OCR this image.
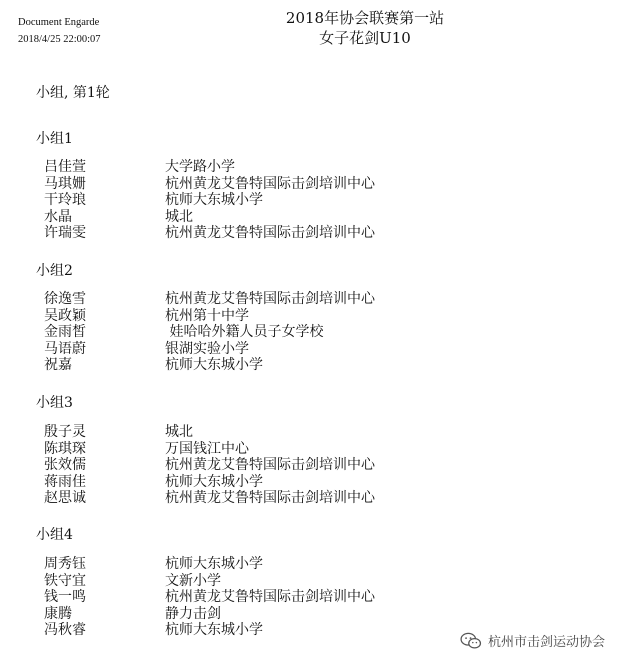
Document Engarde
2018/4/25 22:00:07
2018年协会联赛第一站
女子花剑U10
小组, 第1轮
小组1
吕佳萱	大学路小学
马琪姗	杭州黄龙艾鲁特国际击剑培训中心
干玲琅	杭师大东城小学
水晶	城北
许瑞雯	杭州黄龙艾鲁特国际击剑培训中心
小组2
徐逸雪	杭州黄龙艾鲁特国际击剑培训中心
吴政颖	杭州第十中学
金雨皙	娃哈哈外籍人员子女学校
马语蔚	银湖实验小学
祝嘉	杭师大东城小学
小组3
殷子灵	城北
陈琪琛	万国钱江中心
张效儒	杭州黄龙艾鲁特国际击剑培训中心
蒋雨佳	杭师大东城小学
赵思诚	杭州黄龙艾鲁特国际击剑培训中心
小组4
周秀钰	杭师大东城小学
铁守宜	文新小学
钱一鸣	杭州黄龙艾鲁特国际击剑培训中心
康腾	静力击剑
冯秋睿	杭师大东城小学
杭州市击剑运动协会
